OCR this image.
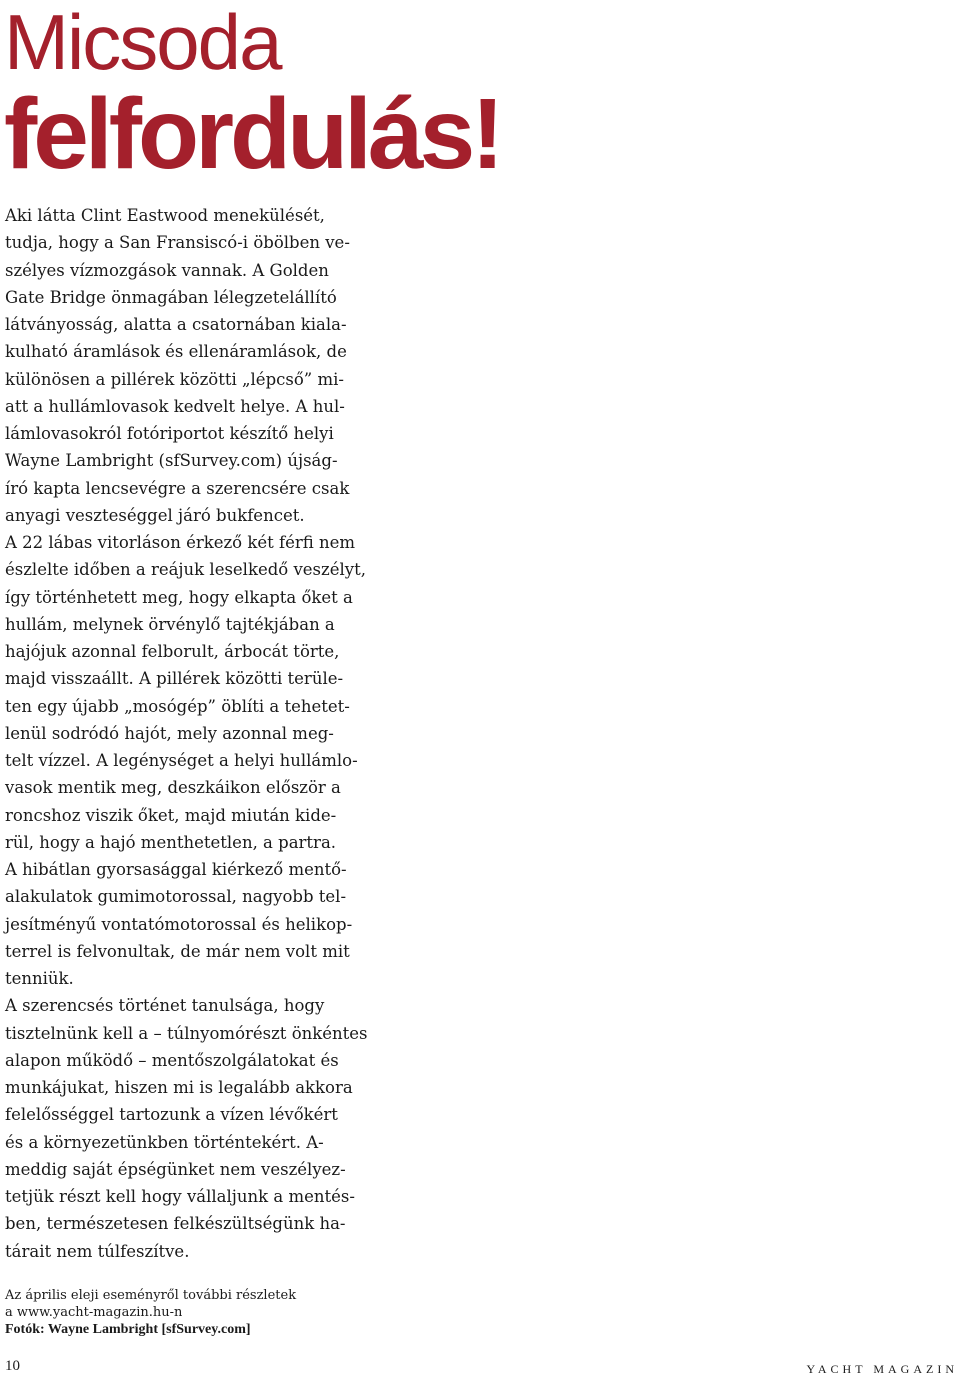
Micsoda
felfordulás!
Aki látta Clint Eastwood menekülését,
tudja, hogy a San Fransiscó-i öbölben ve-
szélyes vízmozgások vannak. A Golden
Gate Bridge önmagában lélegzetelállító
látványosság, alatta a csatornában kiala-
kulható áramlások és ellenáramlások, de
különösen a pillérek közötti „lépcső” mi-
att a hullámlovasok kedvelt helye. A hul-
lámlovasokról fotóriportot készítő helyi
Wayne Lambright (sfSurvey.com) újság-
író kapta lencsevégre a szerencsére csak
anyagi veszteséggel járó bukfencet.
A 22 lábas vitorláson érkező két férfi nem
észlelte időben a reájuk leselkedő veszélyt,
így történhetett meg, hogy elkapta őket a
hullám, melynek örvénylő tajtékjában a
hajójuk azonnal felborult, árbocát törte,
majd visszaállt. A pillérek közötti terüle-
ten egy újabb „mosógép” öblíti a tehetet-
lenül sodródó hajót, mely azonnal meg-
telt vízzel. A legénységet a helyi hullámlo-
vasok mentik meg, deszkáikon először a
roncshoz viszik őket, majd miután kide-
rül, hogy a hajó menthetetlen, a partra.
A hibátlan gyorsasággal kiérkező mentő-
alakulatok gumimotorossal, nagyobb tel-
jesítményű vontatómotorossal és helikop-
terrel is felvonultak, de már nem volt mit
tenniük.
A szerencsés történet tanulsága, hogy
tisztelnünk kell a – túlnyomórészt önkéntes
alapon működő – mentőszolgálatokat és
munkájukat, hiszen mi is legalább akkora
felelősséggel tartozunk a vízen lévőkért
és a környezetünkben történtekért. A-
meddig saját épségünket nem veszélyez-
tetjük részt kell hogy vállaljunk a mentés-
ben, természetesen felkészültségünk ha-
tárait nem túlfeszítve.
Az április eleji eseményről további részletek
a www.yacht-magazin.hu-n
Fotók: Wayne Lambright [sfSurvey.com]
10	YACHT MAGAZIN
